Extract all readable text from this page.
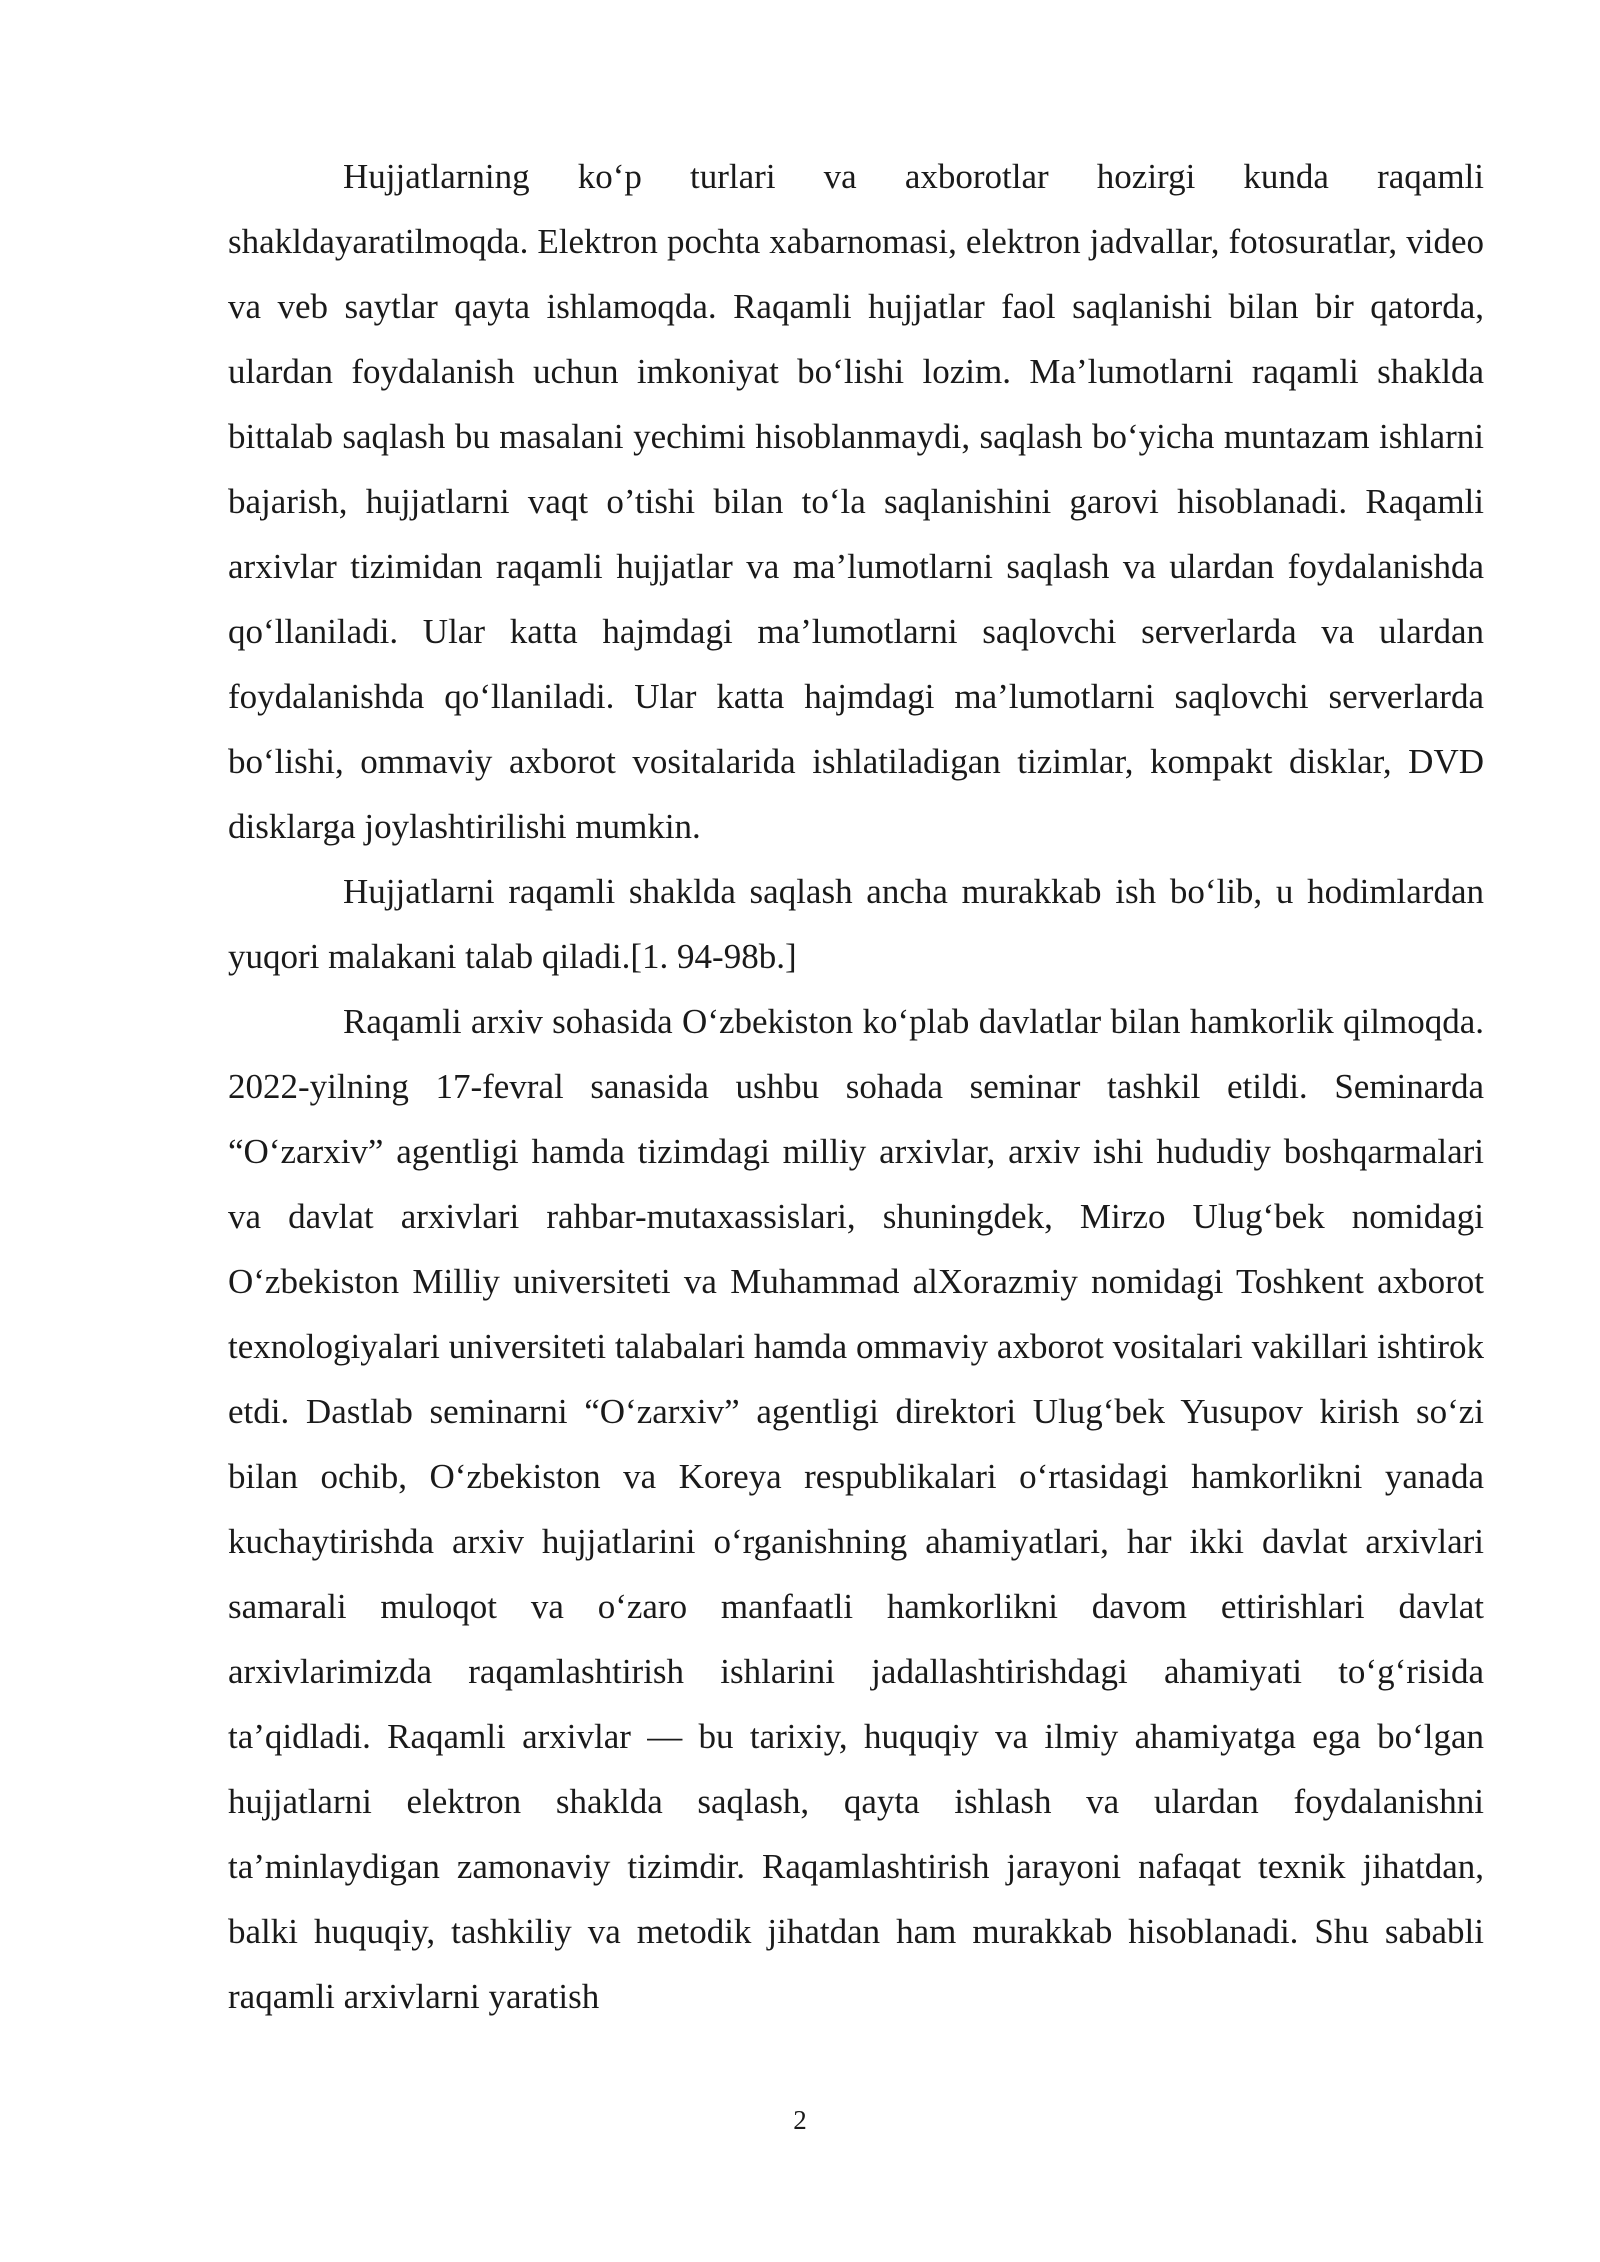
Hujjatlarning ko‘p turlari va axborotlar hozirgi kunda raqamli shakldayaratilmoqda. Elektron pochta xabarnomasi, elektron jadvallar, fotosuratlar, video va veb saytlar qayta ishlamoqda. Raqamli hujjatlar faol saqlanishi bilan bir qatorda, ulardan foydalanish uchun imkoniyat bo‘lishi lozim. Ma’lumotlarni raqamli shaklda bittalab saqlash bu masalani yechimi hisoblanmaydi, saqlash bo‘yicha muntazam ishlarni bajarish, hujjatlarni vaqt o’tishi bilan to‘la saqlanishini garovi hisoblanadi. Raqamli arxivlar tizimidan raqamli hujjatlar va ma’lumotlarni saqlash va ulardan foydalanishda qo‘llaniladi. Ular katta hajmdagi ma’lumotlarni saqlovchi serverlarda va ulardan foydalanishda qo‘llaniladi. Ular katta hajmdagi ma’lumotlarni saqlovchi serverlarda bo‘lishi, ommaviy axborot vositalarida ishlatiladigan tizimlar, kompakt disklar, DVD disklarga joylashtirilishi mumkin.

Hujjatlarni raqamli shaklda saqlash ancha murakkab ish bo‘lib, u hodimlardan yuqori malakani talab qiladi.[1. 94-98b.]

Raqamli arxiv sohasida O‘zbekiston ko‘plab davlatlar bilan hamkorlik qilmoqda. 2022-yilning 17-fevral sanasida ushbu sohada seminar tashkil etildi. Seminarda “O‘zarxiv” agentligi hamda tizimdagi milliy arxivlar, arxiv ishi hududiy boshqarmalari va davlat arxivlari rahbar-mutaxassislari, shuningdek, Mirzo Ulug‘bek nomidagi O‘zbekiston Milliy universiteti va Muhammad alXorazmiy nomidagi Toshkent axborot texnologiyalari universiteti talabalari hamda ommaviy axborot vositalari vakillari ishtirok etdi. Dastlab seminarni “O‘zarxiv” agentligi direktori Ulug‘bek Yusupov kirish so‘zi bilan ochib, O‘zbekiston va Koreya respublikalari o‘rtasidagi hamkorlikni yanada kuchaytirishda arxiv hujjatlarini o‘rganishning ahamiyatlari, har ikki davlat arxivlari samarali muloqot va o‘zaro manfaatli hamkorlikni davom ettirishlari davlat arxivlarimizda raqamlashtirish ishlarini jadallashtirishdagi ahamiyati to‘g‘risida ta’qidladi. Raqamli arxivlar — bu tarixiy, huquqiy va ilmiy ahamiyatga ega bo‘lgan hujjatlarni elektron shaklda saqlash, qayta ishlash va ulardan foydalanishni ta’minlaydigan zamonaviy tizimdir. Raqamlashtirish jarayoni nafaqat texnik jihatdan, balki huquqiy, tashkiliy va metodik jihatdan ham murakkab hisoblanadi. Shu sababli raqamli arxivlarni yaratish

2
